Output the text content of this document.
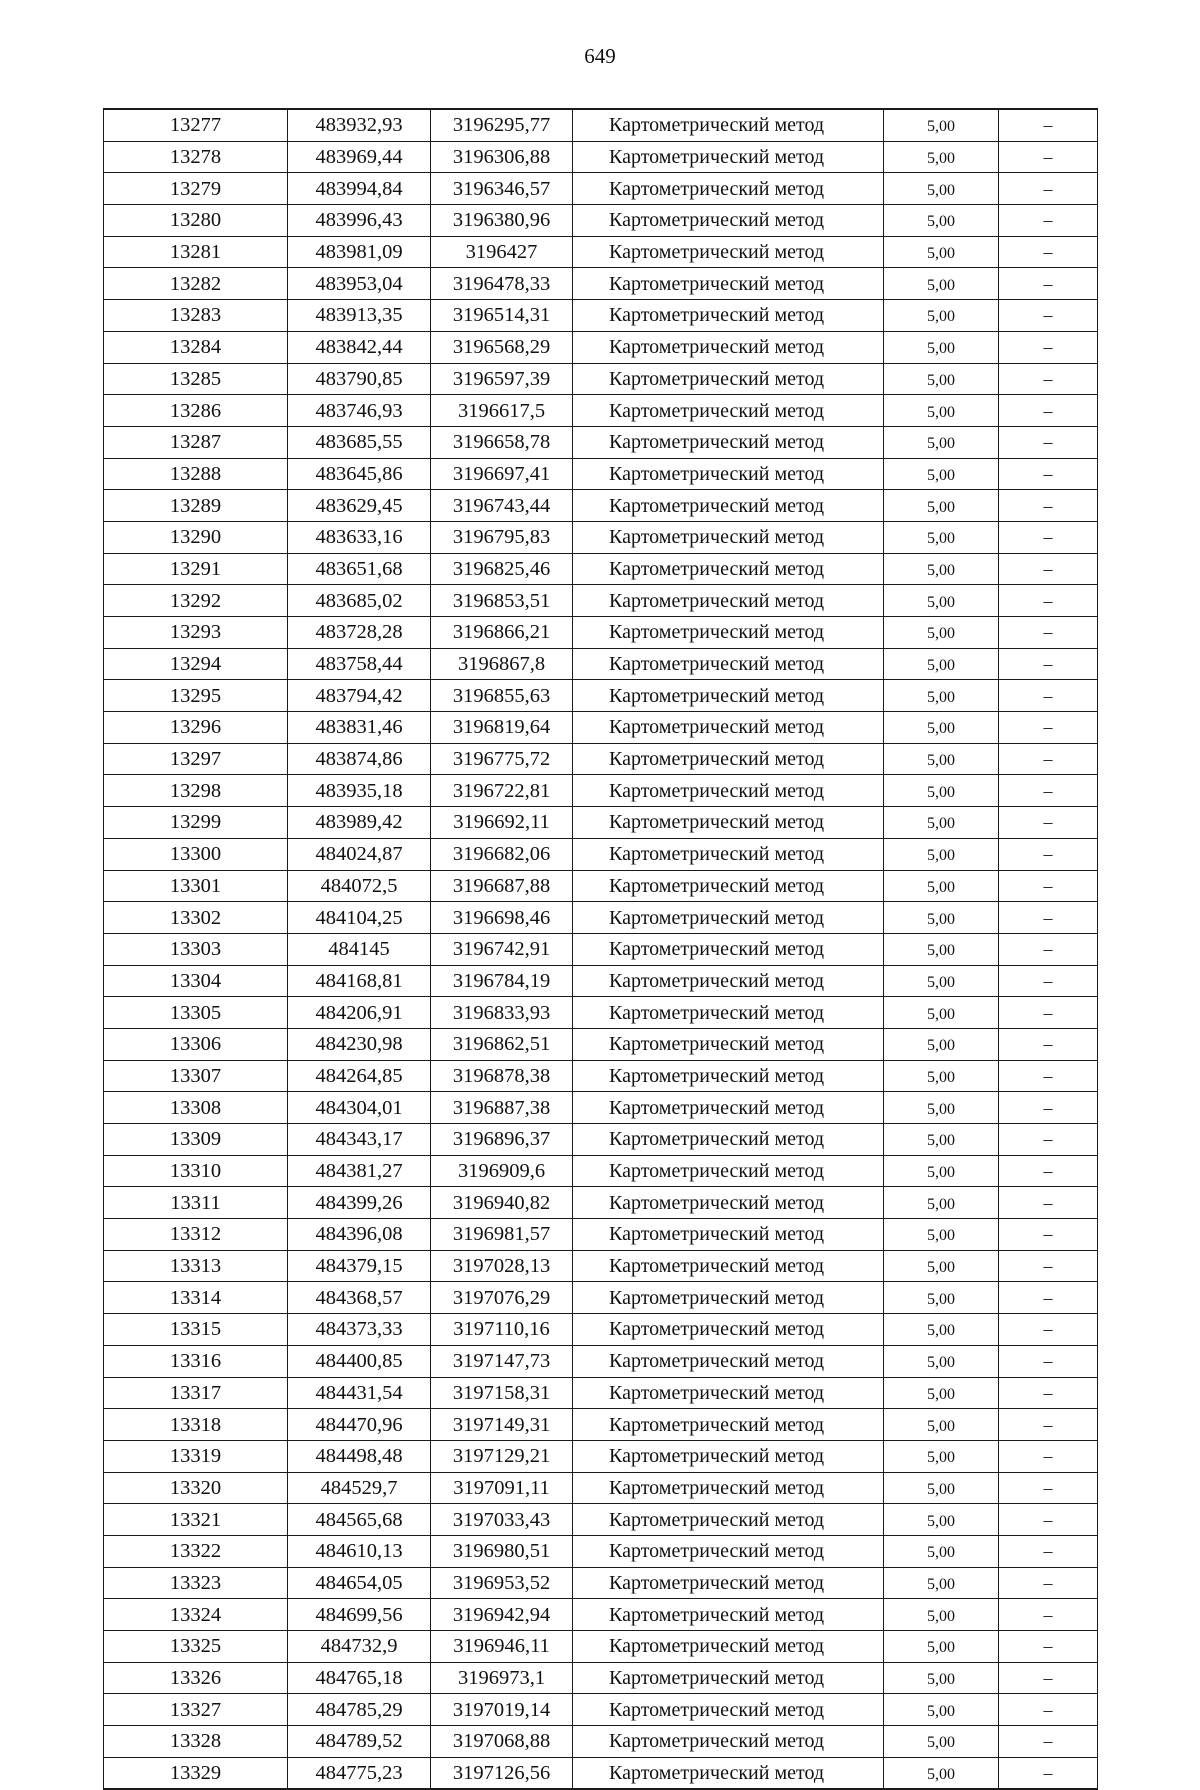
649
13277	483932,93	3196295,77	Картометрический метод	5,00	–
13278	483969,44	3196306,88	Картометрический метод	5,00	–
13279	483994,84	3196346,57	Картометрический метод	5,00	–
13280	483996,43	3196380,96	Картометрический метод	5,00	–
13281	483981,09	3196427	Картометрический метод	5,00	–
13282	483953,04	3196478,33	Картометрический метод	5,00	–
13283	483913,35	3196514,31	Картометрический метод	5,00	–
13284	483842,44	3196568,29	Картометрический метод	5,00	–
13285	483790,85	3196597,39	Картометрический метод	5,00	–
13286	483746,93	3196617,5	Картометрический метод	5,00	–
13287	483685,55	3196658,78	Картометрический метод	5,00	–
13288	483645,86	3196697,41	Картометрический метод	5,00	–
13289	483629,45	3196743,44	Картометрический метод	5,00	–
13290	483633,16	3196795,83	Картометрический метод	5,00	–
13291	483651,68	3196825,46	Картометрический метод	5,00	–
13292	483685,02	3196853,51	Картометрический метод	5,00	–
13293	483728,28	3196866,21	Картометрический метод	5,00	–
13294	483758,44	3196867,8	Картометрический метод	5,00	–
13295	483794,42	3196855,63	Картометрический метод	5,00	–
13296	483831,46	3196819,64	Картометрический метод	5,00	–
13297	483874,86	3196775,72	Картометрический метод	5,00	–
13298	483935,18	3196722,81	Картометрический метод	5,00	–
13299	483989,42	3196692,11	Картометрический метод	5,00	–
13300	484024,87	3196682,06	Картометрический метод	5,00	–
13301	484072,5	3196687,88	Картометрический метод	5,00	–
13302	484104,25	3196698,46	Картометрический метод	5,00	–
13303	484145	3196742,91	Картометрический метод	5,00	–
13304	484168,81	3196784,19	Картометрический метод	5,00	–
13305	484206,91	3196833,93	Картометрический метод	5,00	–
13306	484230,98	3196862,51	Картометрический метод	5,00	–
13307	484264,85	3196878,38	Картометрический метод	5,00	–
13308	484304,01	3196887,38	Картометрический метод	5,00	–
13309	484343,17	3196896,37	Картометрический метод	5,00	–
13310	484381,27	3196909,6	Картометрический метод	5,00	–
13311	484399,26	3196940,82	Картометрический метод	5,00	–
13312	484396,08	3196981,57	Картометрический метод	5,00	–
13313	484379,15	3197028,13	Картометрический метод	5,00	–
13314	484368,57	3197076,29	Картометрический метод	5,00	–
13315	484373,33	3197110,16	Картометрический метод	5,00	–
13316	484400,85	3197147,73	Картометрический метод	5,00	–
13317	484431,54	3197158,31	Картометрический метод	5,00	–
13318	484470,96	3197149,31	Картометрический метод	5,00	–
13319	484498,48	3197129,21	Картометрический метод	5,00	–
13320	484529,7	3197091,11	Картометрический метод	5,00	–
13321	484565,68	3197033,43	Картометрический метод	5,00	–
13322	484610,13	3196980,51	Картометрический метод	5,00	–
13323	484654,05	3196953,52	Картометрический метод	5,00	–
13324	484699,56	3196942,94	Картометрический метод	5,00	–
13325	484732,9	3196946,11	Картометрический метод	5,00	–
13326	484765,18	3196973,1	Картометрический метод	5,00	–
13327	484785,29	3197019,14	Картометрический метод	5,00	–
13328	484789,52	3197068,88	Картометрический метод	5,00	–
13329	484775,23	3197126,56	Картометрический метод	5,00	–
